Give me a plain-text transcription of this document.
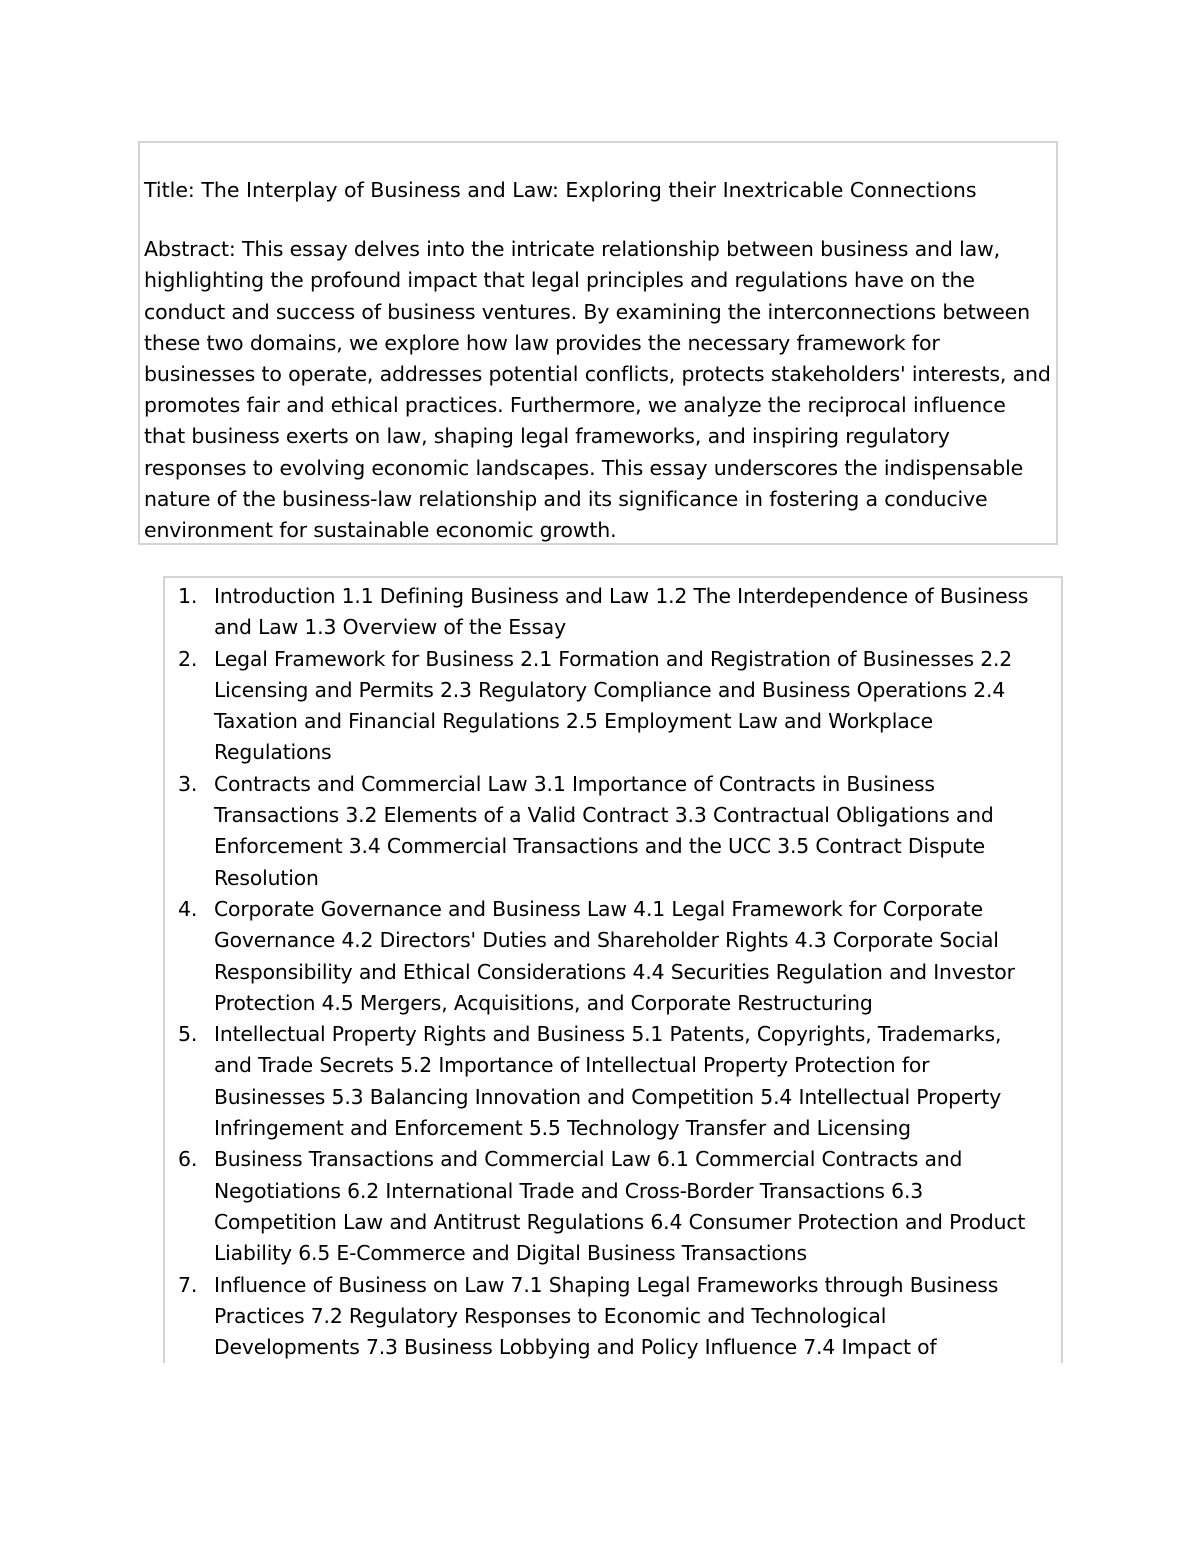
Title: The Interplay of Business and Law: Exploring their Inextricable Connections

Abstract: This essay delves into the intricate relationship between business and law,
highlighting the profound impact that legal principles and regulations have on the
conduct and success of business ventures. By examining the interconnections between
these two domains, we explore how law provides the necessary framework for
businesses to operate, addresses potential conflicts, protects stakeholders' interests, and
promotes fair and ethical practices. Furthermore, we analyze the reciprocal influence
that business exerts on law, shaping legal frameworks, and inspiring regulatory
responses to evolving economic landscapes. This essay underscores the indispensable
nature of the business-law relationship and its significance in fostering a conducive
environment for sustainable economic growth.

1. Introduction 1.1 Defining Business and Law 1.2 The Interdependence of Business
and Law 1.3 Overview of the Essay
2. Legal Framework for Business 2.1 Formation and Registration of Businesses 2.2
Licensing and Permits 2.3 Regulatory Compliance and Business Operations 2.4
Taxation and Financial Regulations 2.5 Employment Law and Workplace
Regulations
3. Contracts and Commercial Law 3.1 Importance of Contracts in Business
Transactions 3.2 Elements of a Valid Contract 3.3 Contractual Obligations and
Enforcement 3.4 Commercial Transactions and the UCC 3.5 Contract Dispute
Resolution
4. Corporate Governance and Business Law 4.1 Legal Framework for Corporate
Governance 4.2 Directors' Duties and Shareholder Rights 4.3 Corporate Social
Responsibility and Ethical Considerations 4.4 Securities Regulation and Investor
Protection 4.5 Mergers, Acquisitions, and Corporate Restructuring
5. Intellectual Property Rights and Business 5.1 Patents, Copyrights, Trademarks,
and Trade Secrets 5.2 Importance of Intellectual Property Protection for
Businesses 5.3 Balancing Innovation and Competition 5.4 Intellectual Property
Infringement and Enforcement 5.5 Technology Transfer and Licensing
6. Business Transactions and Commercial Law 6.1 Commercial Contracts and
Negotiations 6.2 International Trade and Cross-Border Transactions 6.3
Competition Law and Antitrust Regulations 6.4 Consumer Protection and Product
Liability 6.5 E-Commerce and Digital Business Transactions
7. Influence of Business on Law 7.1 Shaping Legal Frameworks through Business
Practices 7.2 Regulatory Responses to Economic and Technological
Developments 7.3 Business Lobbying and Policy Influence 7.4 Impact of
